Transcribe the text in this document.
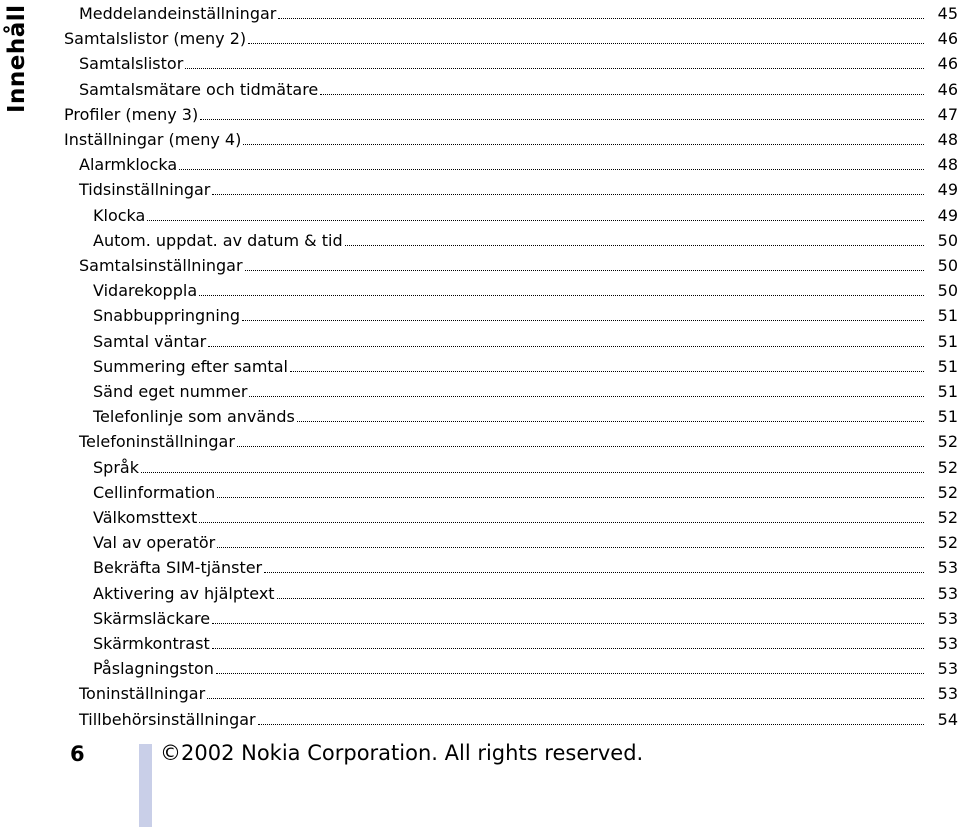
Innehåll	Meddelandeinställningar	45
Samtalslistor (meny 2)	46
Samtalslistor	46
Samtalsmätare och tidmätare	46
Profiler (meny 3)	47
Inställningar (meny 4)	48
Alarmklocka	48
Tidsinställningar	49
Klocka	49
Autom. uppdat. av datum & tid	50
Samtalsinställningar	50
Vidarekoppla	50
Snabbuppringning	51
Samtal väntar	51
Summering efter samtal	51
Sänd eget nummer	51
Telefonlinje som används	51
Telefoninställningar	52
Språk	52
Cellinformation	52
Välkomsttext	52
Val av operatör	52
Bekräfta SIM-tjänster	53
Aktivering av hjälptext	53
Skärmsläckare	53
Skärmkontrast	53
Påslagningston	53
Toninställningar	53
Tillbehörsinställningar	54
6	©2002 Nokia Corporation. All rights reserved.
